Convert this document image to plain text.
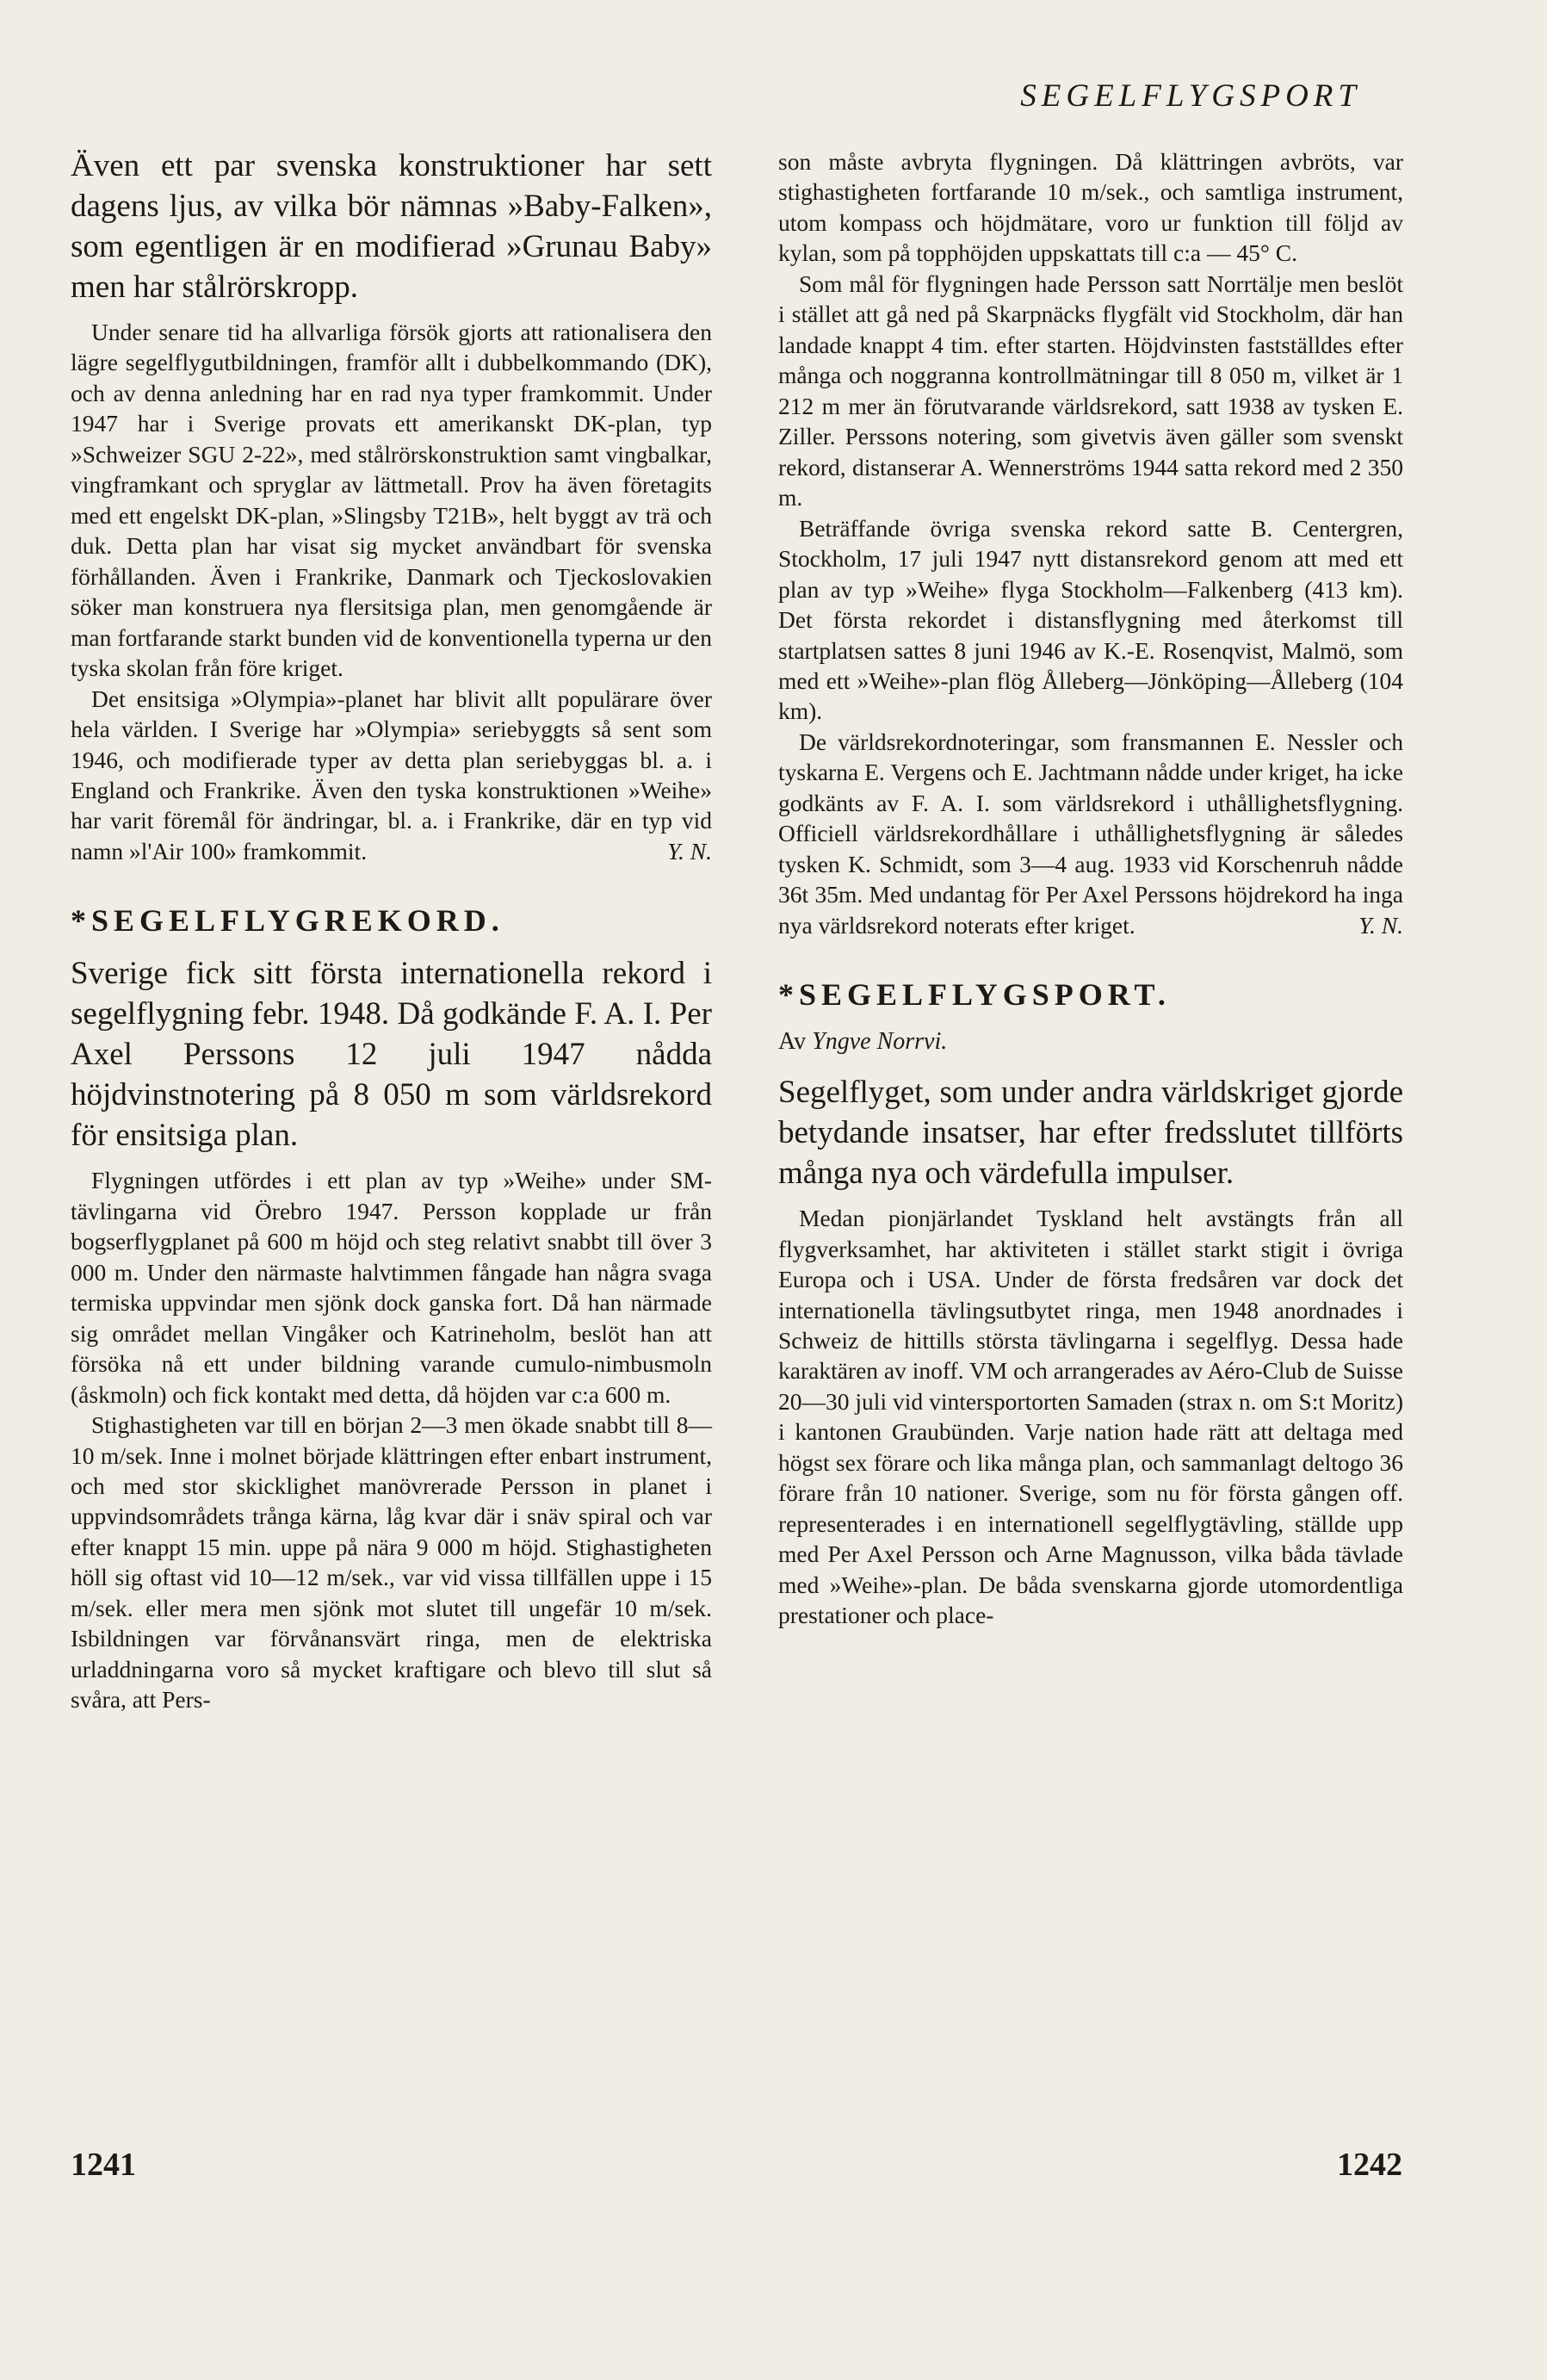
SEGELFLYGSPORT

Även ett par svenska konstruktioner har sett dagens ljus, av vilka bör nämnas »Baby-Falken», som egentligen är en modifierad »Grunau Baby» men har stålrörskropp.

Under senare tid ha allvarliga försök gjorts att rationalisera den lägre segelflygutbildningen, framför allt i dubbelkommando (DK), och av denna anledning har en rad nya typer framkommit. Under 1947 har i Sverige provats ett amerikanskt DK-plan, typ »Schweizer SGU 2-22», med stålrörskonstruktion samt vingbalkar, vingframkant och spryglar av lättmetall. Prov ha även företagits med ett engelskt DK-plan, »Slingsby T21B», helt byggt av trä och duk. Detta plan har visat sig mycket användbart för svenska förhållanden. Även i Frankrike, Danmark och Tjeckoslovakien söker man konstruera nya flersitsiga plan, men genomgående är man fortfarande starkt bunden vid de konventionella typerna ur den tyska skolan från före kriget.

Det ensitsiga »Olympia»-planet har blivit allt populärare över hela världen. I Sverige har »Olympia» seriebyggts så sent som 1946, och modifierade typer av detta plan seriebyggas bl. a. i England och Frankrike. Även den tyska konstruktionen »Weihe» har varit föremål för ändringar, bl. a. i Frankrike, där en typ vid namn »l'Air 100» framkommit.	Y. N.

*SEGELFLYGREKORD.

Sverige fick sitt första internationella rekord i segelflygning febr. 1948. Då godkände F. A. I. Per Axel Perssons 12 juli 1947 nådda höjdvinstnotering på 8 050 m som världsrekord för ensitsiga plan.

Flygningen utfördes i ett plan av typ »Weihe» under SM-tävlingarna vid Örebro 1947. Persson kopplade ur från bogserflygplanet på 600 m höjd och steg relativt snabbt till över 3 000 m. Under den närmaste halvtimmen fångade han några svaga termiska uppvindar men sjönk dock ganska fort. Då han närmade sig området mellan Vingåker och Katrineholm, beslöt han att försöka nå ett under bildning varande cumulo-nimbusmoln (åskmoln) och fick kontakt med detta, då höjden var c:a 600 m.

Stighastigheten var till en början 2—3 men ökade snabbt till 8—10 m/sek. Inne i molnet började klättringen efter enbart instrument, och med stor skicklighet manövrerade Persson in planet i uppvindsområdets trånga kärna, låg kvar där i snäv spiral och var efter knappt 15 min. uppe på nära 9 000 m höjd. Stighastigheten höll sig oftast vid 10—12 m/sek., var vid vissa tillfällen uppe i 15 m/sek. eller mera men sjönk mot slutet till ungefär 10 m/sek. Isbildningen var förvånansvärt ringa, men de elektriska urladdningarna voro så mycket kraftigare och blevo till slut så svåra, att Pers-

son måste avbryta flygningen. Då klättringen avbröts, var stighastigheten fortfarande 10 m/sek., och samtliga instrument, utom kompass och höjdmätare, voro ur funktion till följd av kylan, som på topphöjden uppskattats till c:a — 45° C.

Som mål för flygningen hade Persson satt Norrtälje men beslöt i stället att gå ned på Skarpnäcks flygfält vid Stockholm, där han landade knappt 4 tim. efter starten. Höjdvinsten fastställdes efter många och noggranna kontrollmätningar till 8 050 m, vilket är 1 212 m mer än förutvarande världsrekord, satt 1938 av tysken E. Ziller. Perssons notering, som givetvis även gäller som svenskt rekord, distanserar A. Wennerströms 1944 satta rekord med 2 350 m.

Beträffande övriga svenska rekord satte B. Centergren, Stockholm, 17 juli 1947 nytt distansrekord genom att med ett plan av typ »Weihe» flyga Stockholm—Falkenberg (413 km). Det första rekordet i distansflygning med återkomst till startplatsen sattes 8 juni 1946 av K.-E. Rosenqvist, Malmö, som med ett »Weihe»-plan flög Ålleberg—Jönköping—Ålleberg (104 km).

De världsrekordnoteringar, som fransmannen E. Nessler och tyskarna E. Vergens och E. Jachtmann nådde under kriget, ha icke godkänts av F. A. I. som världsrekord i uthållighetsflygning. Officiell världsrekordhållare i uthållighetsflygning är således tysken K. Schmidt, som 3—4 aug. 1933 vid Korschenruh nådde 36t 35m. Med undantag för Per Axel Perssons höjdrekord ha inga nya världsrekord noterats efter kriget.	Y. N.

*SEGELFLYGSPORT.

Av Yngve Norrvi.

Segelflyget, som under andra världskriget gjorde betydande insatser, har efter fredsslutet tillförts många nya och värdefulla impulser.

Medan pionjärlandet Tyskland helt avstängts från all flygverksamhet, har aktiviteten i stället starkt stigit i övriga Europa och i USA. Under de första fredsåren var dock det internationella tävlingsutbytet ringa, men 1948 anordnades i Schweiz de hittills största tävlingarna i segelflyg. Dessa hade karaktären av inoff. VM och arrangerades av Aéro-Club de Suisse 20—30 juli vid vintersportorten Samaden (strax n. om S:t Moritz) i kantonen Graubünden. Varje nation hade rätt att deltaga med högst sex förare och lika många plan, och sammanlagt deltogo 36 förare från 10 nationer. Sverige, som nu för första gången off. representerades i en internationell segelflygtävling, ställde upp med Per Axel Persson och Arne Magnusson, vilka båda tävlade med »Weihe»-plan. De båda svenskarna gjorde utomordentliga prestationer och place-

1241	1242
